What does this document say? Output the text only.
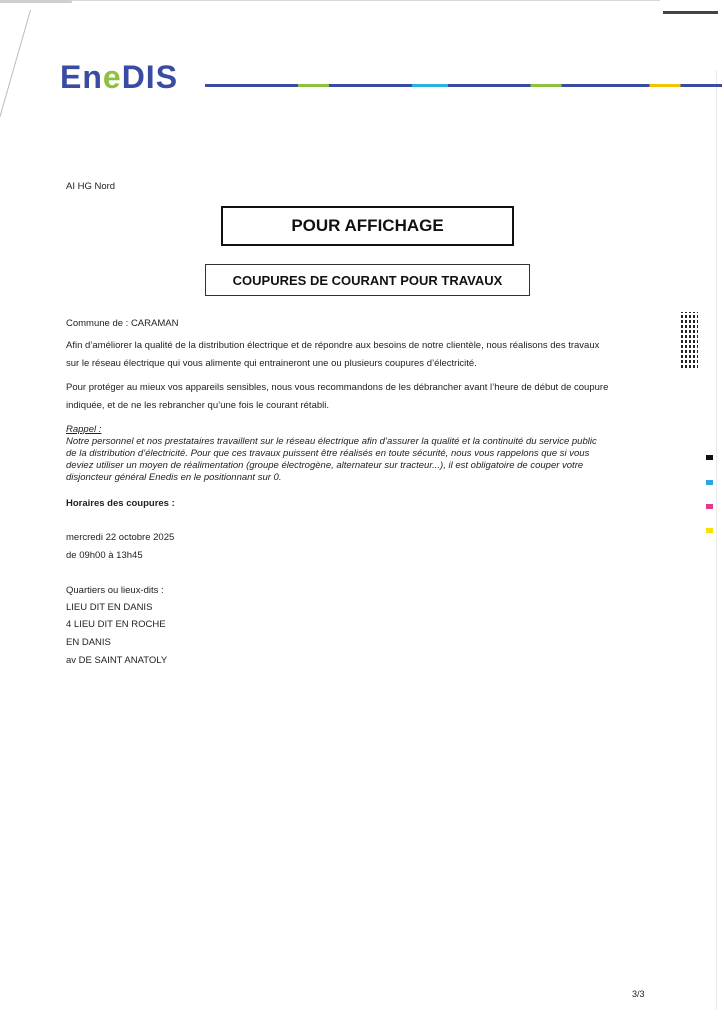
EneDIS

AI HG Nord

POUR AFFICHAGE
COUPURES DE COURANT POUR TRAVAUX

Commune de : CARAMAN

Afin d’améliorer la qualité de la distribution électrique et de répondre aux besoins de notre clientèle, nous réalisons des travaux

sur le réseau électrique qui vous alimente qui entraineront une ou plusieurs coupures d’électricité.

Pour protéger au mieux vos appareils sensibles, nous vous recommandons de les débrancher avant l’heure de début de coupure

indiquée, et de ne les rebrancher qu’une fois le courant rétabli.

Rappel :

Notre personnel et nos prestataires travaillent sur le réseau électrique afin d’assurer la qualité et la continuité du service public

de la distribution d’électricité. Pour que ces travaux puissent être réalisés en toute sécurité, nous vous rappelons que si vous

deviez utiliser un moyen de réalimentation (groupe électrogène, alternateur sur tracteur...), il est obligatoire de couper votre

disjoncteur général Enedis en le positionnant sur 0.

Horaires des coupures :

mercredi 22 octobre 2025

de 09h00 à 13h45

Quartiers ou lieux-dits :

LIEU DIT EN DANIS

4 LIEU DIT EN ROCHE

EN DANIS

av DE SAINT ANATOLY

3/3
